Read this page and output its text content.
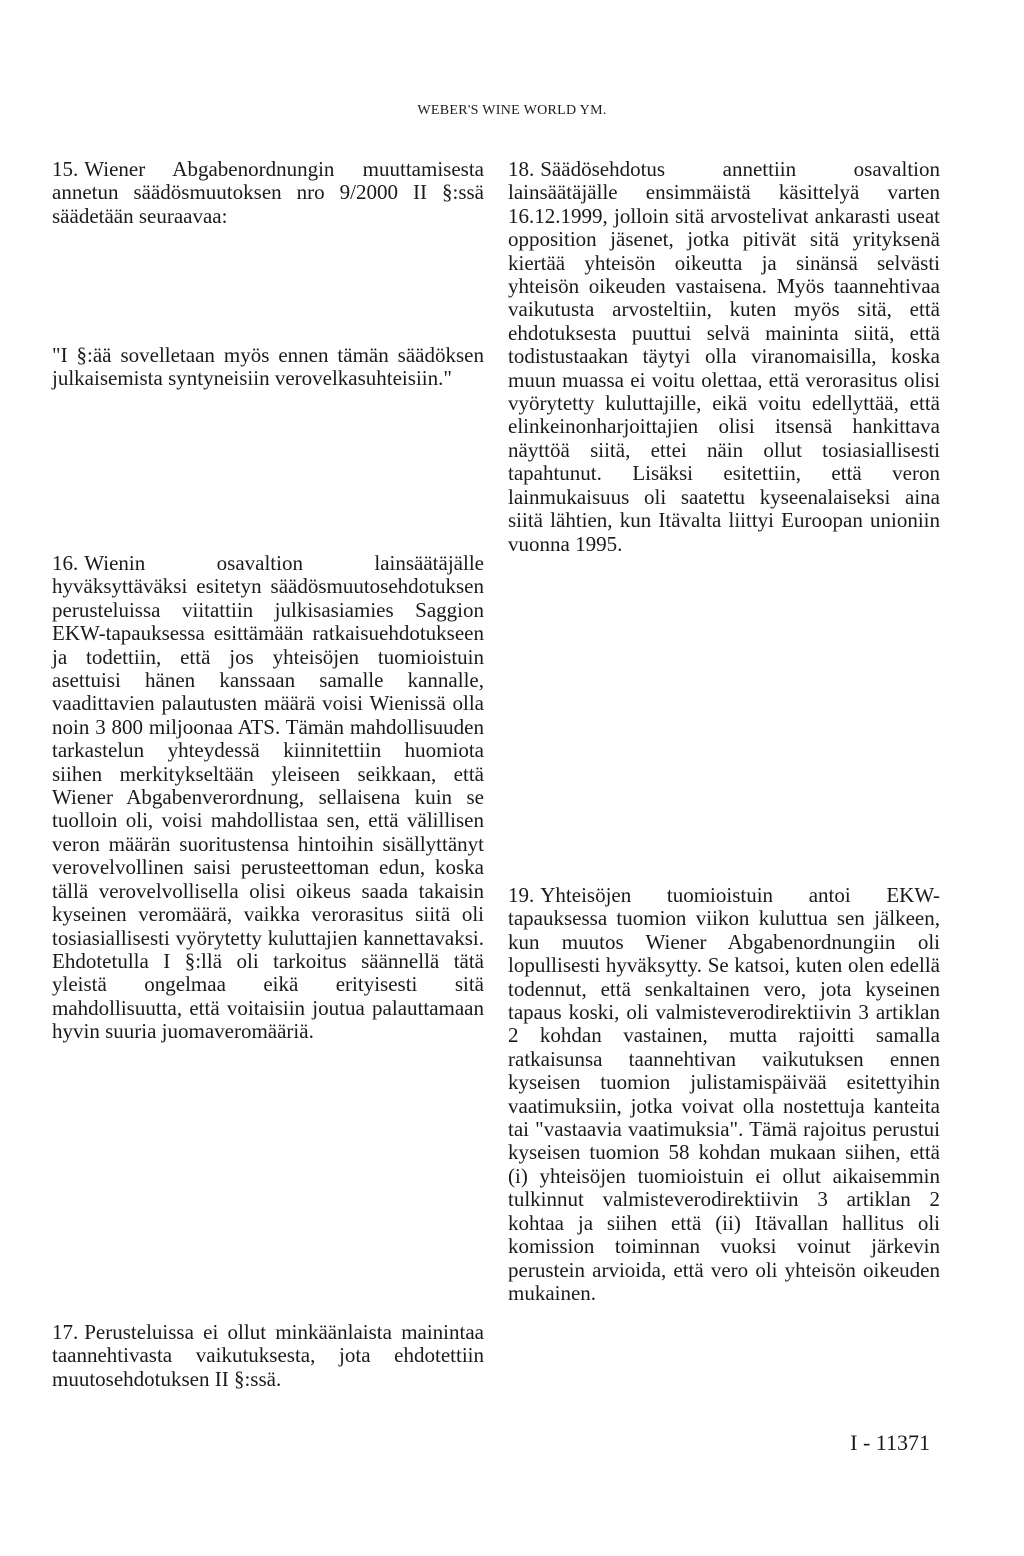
WEBER'S WINE WORLD YM.

15. Wiener Abgabenordnungin muuttamisesta annetun säädösmuutoksen nro 9/2000 II §:ssä säädetään seuraavaa:

"I §:ää sovelletaan myös ennen tämän säädöksen julkaisemista syntyneisiin verovelkasuhteisiin."

16. Wienin osavaltion lainsäätäjälle hyväksyttäväksi esitetyn säädösmuutosehdotuksen perusteluissa viitattiin julkisasiamies Saggion EKW-tapauksessa esittämään ratkaisuehdotukseen ja todettiin, että jos yhteisöjen tuomioistuin asettuisi hänen kanssaan samalle kannalle, vaadittavien palautusten määrä voisi Wienissä olla noin 3 800 miljoonaa ATS. Tämän mahdollisuuden tarkastelun yhteydessä kiinnitettiin huomiota siihen merkitykseltään yleiseen seikkaan, että Wiener Abgabenverordnung, sellaisena kuin se tuolloin oli, voisi mahdollistaa sen, että välillisen veron määrän suoritustensa hintoihin sisällyttänyt verovelvollinen saisi perusteettoman edun, koska tällä verovelvollisella olisi oikeus saada takaisin kyseinen veromäärä, vaikka verorasitus siitä oli tosiasiallisesti vyörytetty kuluttajien kannettavaksi. Ehdotetulla I §:llä oli tarkoitus säännellä tätä yleistä ongelmaa eikä erityisesti sitä mahdollisuutta, että voitaisiin joutua palauttamaan hyvin suuria juomaveromääriä.

17. Perusteluissa ei ollut minkäänlaista mainintaa taannehtivasta vaikutuksesta, jota ehdotettiin muutosehdotuksen II §:ssä.

18. Säädösehdotus annettiin osavaltion lainsäätäjälle ensimmäistä käsittelyä varten 16.12.1999, jolloin sitä arvostelivat ankarasti useat opposition jäsenet, jotka pitivät sitä yrityksenä kiertää yhteisön oikeutta ja sinänsä selvästi yhteisön oikeuden vastaisena. Myös taannehtivaa vaikutusta arvosteltiin, kuten myös sitä, että ehdotuksesta puuttui selvä maininta siitä, että todistustaakan täytyi olla viranomaisilla, koska muun muassa ei voitu olettaa, että verorasitus olisi vyörytetty kuluttajille, eikä voitu edellyttää, että elinkeinonharjoittajien olisi itsensä hankittava näyttöä siitä, ettei näin ollut tosiasiallisesti tapahtunut. Lisäksi esitettiin, että veron lainmukaisuus oli saatettu kyseenalaiseksi aina siitä lähtien, kun Itävalta liittyi Euroopan unioniin vuonna 1995.

19. Yhteisöjen tuomioistuin antoi EKW-tapauksessa tuomion viikon kuluttua sen jälkeen, kun muutos Wiener Abgabenordnungiin oli lopullisesti hyväksytty. Se katsoi, kuten olen edellä todennut, että senkaltainen vero, jota kyseinen tapaus koski, oli valmisteverodirektiivin 3 artiklan 2 kohdan vastainen, mutta rajoitti samalla ratkaisunsa taannehtivan vaikutuksen ennen kyseisen tuomion julistamispäivää esitettyihin vaatimuksiin, jotka voivat olla nostettuja kanteita tai "vastaavia vaatimuksia". Tämä rajoitus perustui kyseisen tuomion 58 kohdan mukaan siihen, että (i) yhteisöjen tuomioistuin ei ollut aikaisemmin tulkinnut valmisteverodirektiivin 3 artiklan 2 kohtaa ja siihen että (ii) Itävallan hallitus oli komission toiminnan vuoksi voinut järkevin perustein arvioida, että vero oli yhteisön oikeuden mukainen.

I - 11371
